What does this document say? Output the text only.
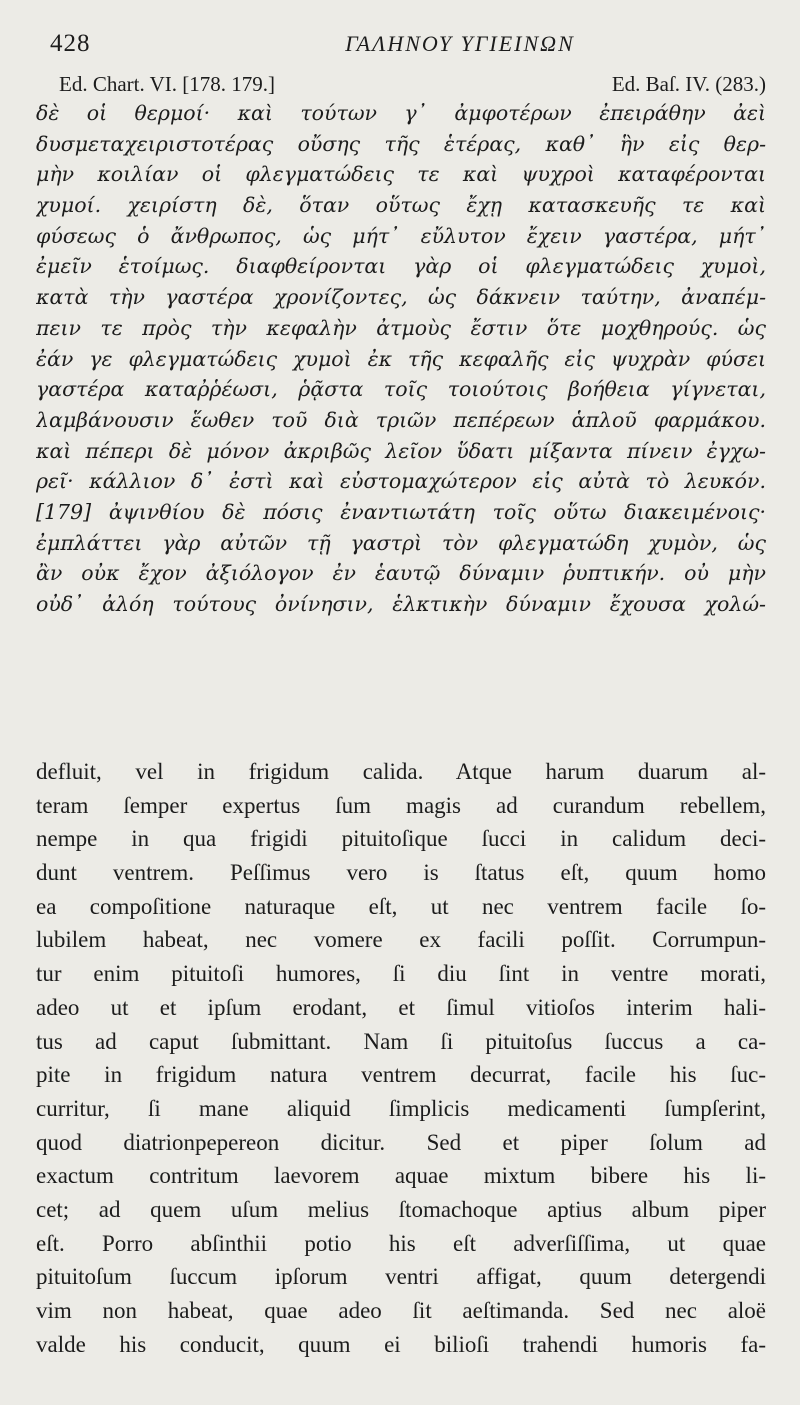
428	ΓΑΛΗΝΟΥ ΥΓΙΕΙΝΩΝ
Ed. Chart. VI. [178. 179.]	Ed. Baſ. IV. (283.)
δὲ οἱ θερμοί· καὶ τούτων γ᾽ ἀμφοτέρων ἐπειράθην ἀεὶ
δυσμεταχειριστοτέρας οὔσης τῆς ἑτέρας, καθ᾽ ἣν εἰς θερ-
μὴν κοιλίαν οἱ φλεγματώδεις τε καὶ ψυχροὶ καταφέρονται
χυμοί. χειρίστη δὲ, ὅταν οὕτως ἔχῃ κατασκευῆς τε καὶ
φύσεως ὁ ἄνθρωπος, ὡς μήτ᾽ εὔλυτον ἔχειν γαστέρα, μήτ᾽
ἐμεῖν ἑτοίμως. διαφθείρονται γὰρ οἱ φλεγματώδεις χυμοὶ,
κατὰ τὴν γαστέρα χρονίζοντες, ὡς δάκνειν ταύτην, ἀναπέμ-
πειν τε πρὸς τὴν κεφαλὴν ἀτμοὺς ἔστιν ὅτε μοχθηρούς. ὡς
ἐάν γε φλεγματώδεις χυμοὶ ἐκ τῆς κεφαλῆς εἰς ψυχρὰν φύσει
γαστέρα καταῤῥέωσι, ῥᾷστα τοῖς τοιούτοις βοήθεια γίγνεται,
λαμβάνουσιν ἕωθεν τοῦ διὰ τριῶν πεπέρεων ἁπλοῦ φαρμάκου.
καὶ πέπερι δὲ μόνον ἀκριβῶς λεῖον ὕδατι μίξαντα πίνειν ἐγχω-
ρεῖ· κάλλιον δ᾽ ἐστὶ καὶ εὐστομαχώτερον εἰς αὐτὰ τὸ λευκόν.
[179] ἀψινθίου δὲ πόσις ἐναντιωτάτη τοῖς οὕτω διακειμένοις·
ἐμπλάττει γὰρ αὐτῶν τῇ γαστρὶ τὸν φλεγματώδη χυμὸν, ὡς
ἂν οὐκ ἔχον ἀξιόλογον ἐν ἑαυτῷ δύναμιν ῥυπτικήν. οὐ μὴν
οὐδ᾽ ἀλόη τούτους ὀνίνησιν, ἑλκτικὴν δύναμιν ἔχουσα χολώ-
defluit, vel in frigidum calida. Atque harum duarum al-
teram ſemper expertus ſum magis ad curandum rebellem,
nempe in qua frigidi pituitoſique ſucci in calidum deci-
dunt ventrem. Peſſimus vero is ſtatus eſt, quum homo
ea compoſitione naturaque eſt, ut nec ventrem facile ſo-
lubilem habeat, nec vomere ex facili poſſit. Corrumpun-
tur enim pituitoſi humores, ſi diu ſint in ventre morati,
adeo ut et ipſum erodant, et ſimul vitioſos interim hali-
tus ad caput ſubmittant. Nam ſi pituitoſus ſuccus a ca-
pite in frigidum natura ventrem decurrat, facile his ſuc-
curritur, ſi mane aliquid ſimplicis medicamenti ſumpſerint,
quod diatrionpepereon dicitur. Sed et piper ſolum ad
exactum contritum laevorem aquae mixtum bibere his li-
cet; ad quem uſum melius ſtomachoque aptius album piper
eſt. Porro abſinthii potio his eſt adverſiſſima, ut quae
pituitoſum ſuccum ipſorum ventri affigat, quum detergendi
vim non habeat, quae adeo ſit aeſtimanda. Sed nec aloë
valde his conducit, quum ei bilioſi trahendi humoris fa-
